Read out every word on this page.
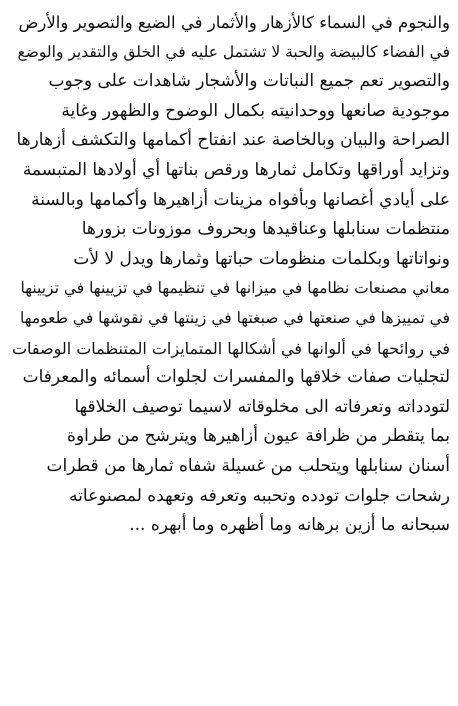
والنجوم في السماء كالأزهار والأثمار في الضيع والتصوير والأرض
في الفضاء كالبيضة والحبة لا تشتمل عليه في الخلق والتقدير والوضع
والتصوير تعم جميع النباتات والأشجار شاهدات على وجوب
موجودية صانعها ووحدانيته بكمال الوضوح والظهور وغاية
الصراحة والبيان وبالخاصة عند انفتاح أكمامها والتكشف أزهارها
وتزايد أوراقها وتكامل ثمارها ورقص بناتها أي أولادها المتبسمة
على أيادي أغصانها وبأفواه مزينات أزاهيرها وأكمامها وبالسنة
منتظمات سنابلها وعناقيدها وبحروف موزونات بزورها
ونواتاتها وبكلمات منظومات حباتها وثمارها ويدل لا لأت
معاني مصنعات نظامها في ميزانها في تنظيمها في تزيينها في تزيينها
في تمييزها في صنعتها في صبغتها في زينتها في نقوشها في طعومها
في روائحها في ألوانها في أشكالها المتمايزات المتنظمات الوصفات
لتجليات صفات خلاقها والمفسرات لجلوات أسمائه والمعرفات
لتودداته وتعرفاته الى مخلوقاته لاسيما توصيف الخلاقها
بما يتقطر من ظرافة عيون أزاهيرها ويترشح من طراوة
أسنان سنابلها ويتحلب من غسيلة شفاه ثمارها من قطرات
رشحات جلوات تودده وتحببه وتعرفه وتعهده لمصنوعاته
سبحانه ما أزين برهانه وما أظهره وما أبهره ...
